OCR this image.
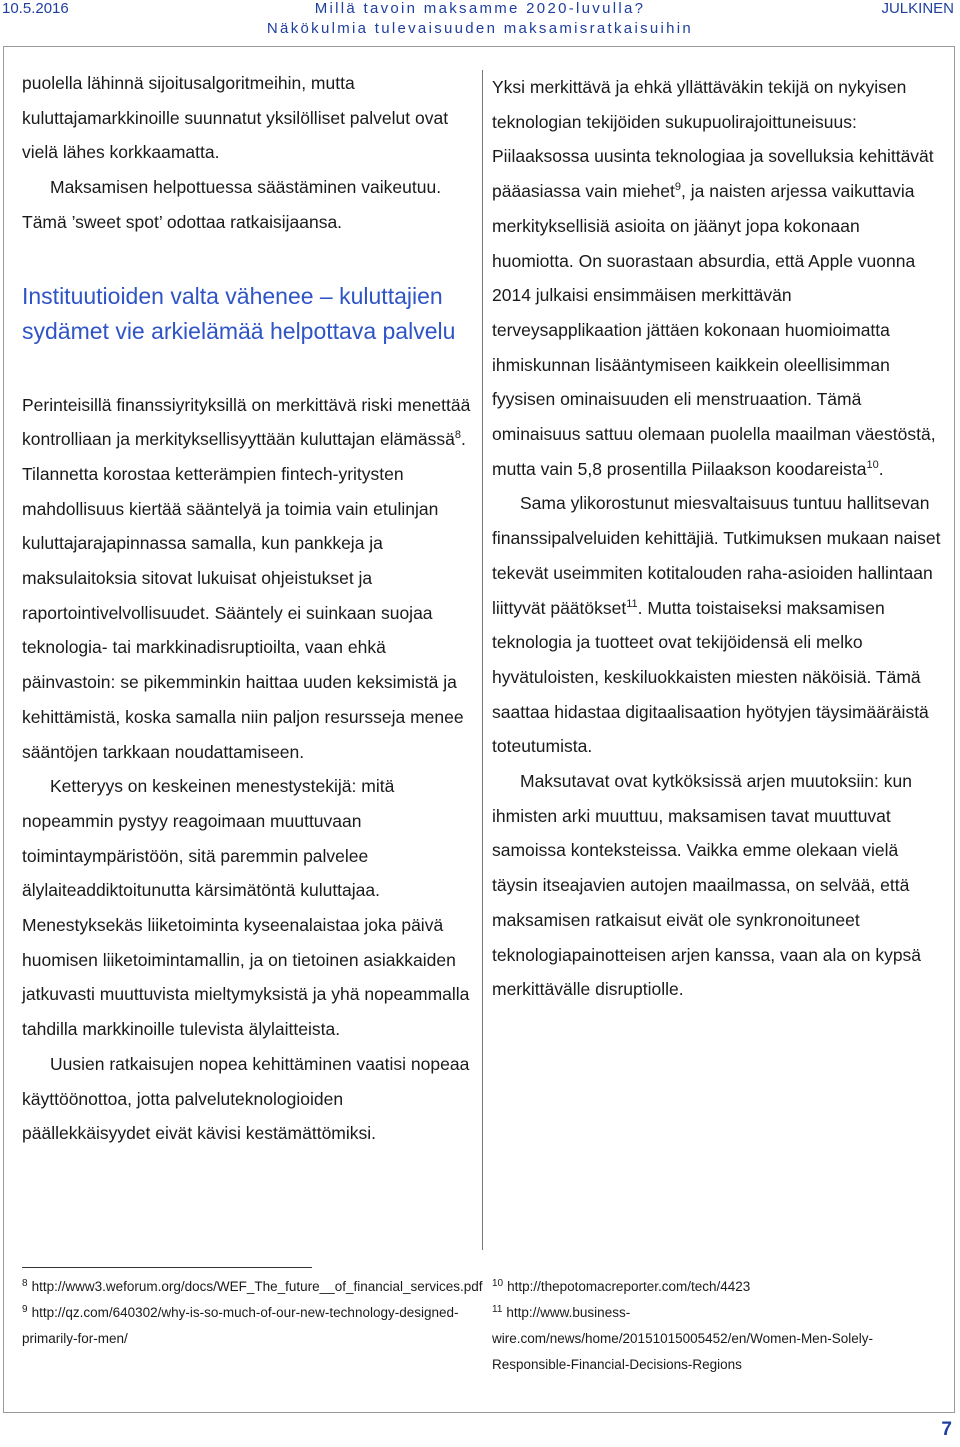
10.5.2016	Millä tavoin maksamme 2020-luvulla?
Näkökulmia tulevaisuuden maksamisratkaisuihin
JULKINEN

puolella lähinnä sijoitusalgoritmeihin, mutta kuluttajamarkkinoille suunnatut yksilölliset palvelut ovat vielä lähes korkkaamatta.

Maksamisen helpottuessa säästäminen vaikeutuu. Tämä ’sweet spot’ odottaa ratkaisijaansa.

Instituutioiden valta vähenee – kuluttajien sydämet vie arkielämää helpottava palvelu

Perinteisillä finanssiyrityksillä on merkittävä riski menettää kontrolliaan ja merkityksellisyyttään kuluttajan elämässä$^8$. Tilannetta korostaa ketterämpien fintech-yritysten mahdollisuus kiertää sääntelyä ja toimia vain etulinjan kuluttajarajapinnassa samalla, kun pankkeja ja maksulaitoksia sitovat lukuisat ohjeistukset ja raportointivelvollisuudet. Sääntely ei suinkaan suojaa teknologia- tai markkinadisruptioilta, vaan ehkä päinvastoin: se pikemminkin haittaa uuden keksimistä ja kehittämistä, koska samalla niin paljon resursseja menee sääntöjen tarkkaan noudattamiseen.

Ketteryys on keskeinen menestystekijä: mitä nopeammin pystyy reagoimaan muuttuvaan toimintaympäristöön, sitä paremmin palvelee älylaiteaddiktoitunutta kärsimätöntä kuluttajaa. Menestyksekäs liiketoiminta kyseenalaistaa joka päivä huomisen liiketoimintamallin, ja on tietoinen asiakkaiden jatkuvasti muuttuvista mieltymyksistä ja yhä nopeammalla tahdilla markkinoille tulevista älylaitteista.

Uusien ratkaisujen nopea kehittäminen vaatisi nopeaa käyttöönottoa, jotta palveluteknologioiden päällekkäisyydet eivät kävisi kestämättömiksi.

Yksi merkittävä ja ehkä yllättäväkin tekijä on nykyisen teknologian tekijöiden sukupuolirajoittuneisuus: Piilaaksossa uusinta teknologiaa ja sovelluksia kehittävät pääasiassa vain miehet$^9$, ja naisten arjessa vaikuttavia merkityksellisiä asioita on jäänyt jopa kokonaan huomiotta. On suorastaan absurdia, että Apple vuonna 2014 julkaisi ensimmäisen merkittävän terveysapplikaation jättäen kokonaan huomioimatta ihmiskunnan lisääntymiseen kaikkein oleellisimman fyysisen ominaisuuden eli menstruaation. Tämä ominaisuus sattuu olemaan puolella maailman väestöstä, mutta vain 5,8 prosentilla Piilaakson koodareista$^{10}$.

Sama ylikorostunut miesvaltaisuus tuntuu hallitsevan finanssipalveluiden kehittäjiä. Tutkimuksen mukaan naiset tekevät useimmiten kotitalouden raha-asioiden hallintaan liittyvät päätökset$^{11}$. Mutta toistaiseksi maksamisen teknologia ja tuotteet ovat tekijöidensä eli melko hyvätuloisten, keskiluokkaisten miesten näköisiä. Tämä saattaa hidastaa digitaalisaation hyötyjen täysimääräistä toteutumista.

Maksutavat ovat kytköksissä arjen muutoksiin: kun ihmisten arki muuttuu, maksamisen tavat muuttuvat samoissa konteksteissa. Vaikka emme olekaan vielä täysin itseajavien autojen maailmassa, on selvää, että maksamisen ratkaisut eivät ole synkronoituneet teknologiapainotteisen arjen kanssa, vaan ala on kypsä merkittävälle disruptiolle.

$^8$ http://www3.weforum.org/docs/WEF_The_future__of_financial_services.pdf

$^9$ http://qz.com/640302/why-is-so-much-of-our-new-technology-designed-primarily-for-men/

$^{10}$ http://thepotomacreporter.com/tech/4423

$^{11}$ http://www.business-wire.com/news/home/20151015005452/en/Women-Men-Solely-Responsible-Financial-Decisions-Regions

7
